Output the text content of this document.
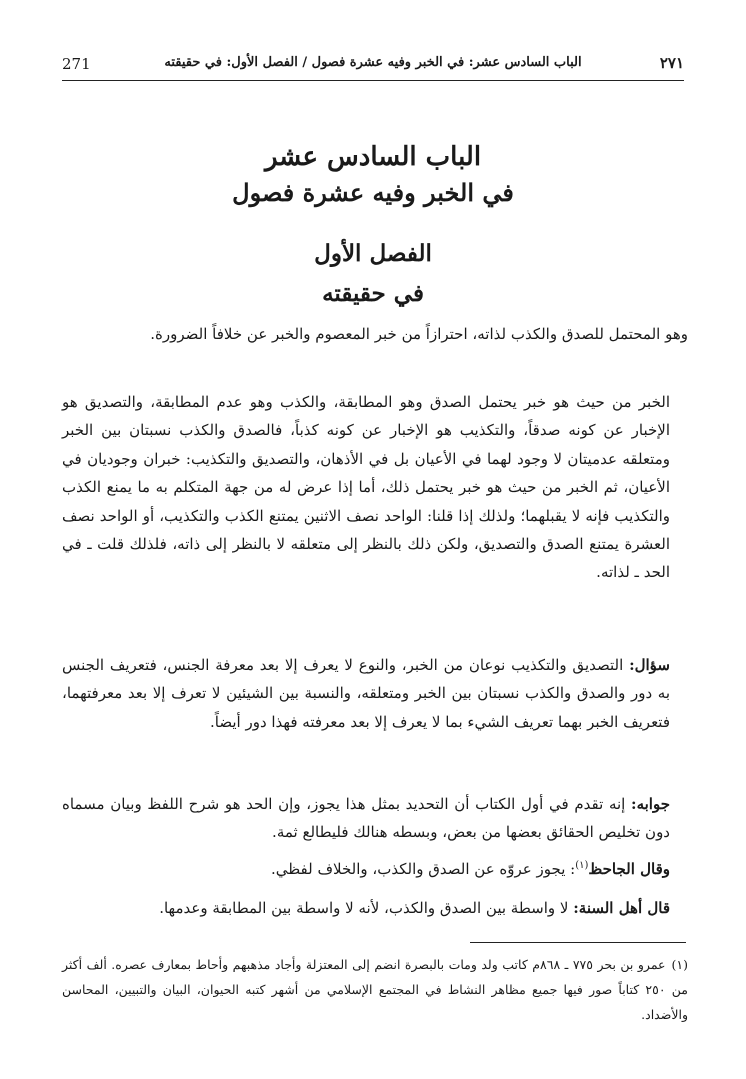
٢٧١
الباب السادس عشر: في الخبر وفيه عشرة فصول / الفصل الأول: في حقيقته
271
الباب السادس عشر
في الخبر وفيه عشرة فصول
الفصل الأول
في حقيقته

وهو المحتمل للصدق والكذب لذاته، احترازاً من خبر المعصوم والخبر عن خلافاً الضرورة.

الخبر من حيث هو خبر يحتمل الصدق وهو المطابقة، والكذب وهو عدم المطابقة، والتصديق هو الإخبار عن كونه صدقاً، والتكذيب هو الإخبار عن كونه كذباً، فالصدق والكذب نسبتان بين الخبر ومتعلقه عدميتان لا وجود لهما في الأعيان بل في الأذهان، والتصديق والتكذيب: خبران وجوديان في الأعيان، ثم الخبر من حيث هو خبر يحتمل ذلك، أما إذا عرض له من جهة المتكلم به ما يمنع الكذب والتكذيب فإنه لا يقبلهما؛ ولذلك إذا قلنا: الواحد نصف الاثنين يمتنع الكذب والتكذيب، أو الواحد نصف العشرة يمتنع الصدق والتصديق، ولكن ذلك بالنظر إلى متعلقه لا بالنظر إلى ذاته، فلذلك قلت ـ في الحد ـ لذاته.

سؤال: التصديق والتكذيب نوعان من الخبر، والنوع لا يعرف إلا بعد معرفة الجنس، فتعريف الجنس به دور والصدق والكذب نسبتان بين الخبر ومتعلقه، والنسبة بين الشيئين لا تعرف إلا بعد معرفتهما، فتعريف الخبر بهما تعريف الشيء بما لا يعرف إلا بعد معرفته فهذا دور أيضاً.

جوابه: إنه تقدم في أول الكتاب أن التحديد بمثل هذا يجوز، وإن الحد هو شرح اللفظ وبيان مسماه دون تخليص الحقائق بعضها من بعض، وبسطه هنالك فليطالع ثمة.

وقال الجاحظ$^{(١)}$: يجوز عروّه عن الصدق والكذب، والخلاف لفظي.

قال أهل السنة: لا واسطة بين الصدق والكذب، لأنه لا واسطة بين المطابقة وعدمها.

(١)عمرو بن بحر ٧٧٥ ـ ٨٦٨م كاتب ولد ومات بالبصرة انضم إلى المعتزلة وأجاد مذهبهم وأحاط بمعارف عصره. ألف أكثر من ٢٥٠ كتاباً صور فيها جميع مظاهر النشاط في المجتمع الإسلامي من أشهر كتبه الحيوان، البيان والتبيين، المحاسن والأضداد.
